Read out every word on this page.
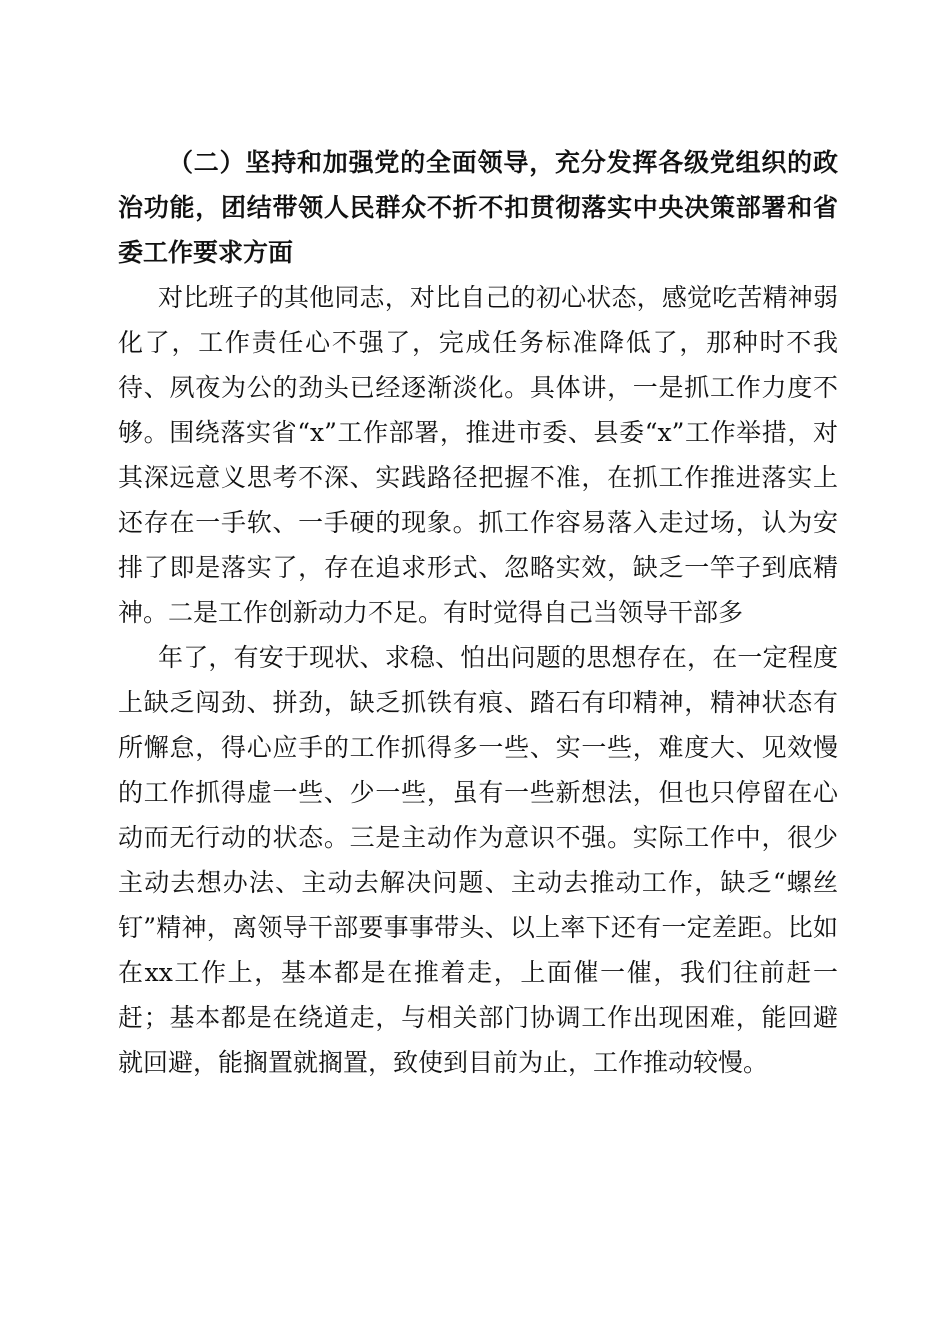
（二）坚持和加强党的全面领导，充分发挥各级党组织的政治功能，团结带领人民群众不折不扣贯彻落实中央决策部署和省委工作要求方面

对比班子的其他同志，对比自己的初心状态，感觉吃苦精神弱化了，工作责任心不强了，完成任务标准降低了，那种时不我待、夙夜为公的劲头已经逐渐淡化。具体讲，一是抓工作力度不够。围绕落实省“x”工作部署，推进市委、县委“x”工作举措，对其深远意义思考不深、实践路径把握不准，在抓工作推进落实上还存在一手软、一手硬的现象。抓工作容易落入走过场，认为安排了即是落实了，存在追求形式、忽略实效，缺乏一竿子到底精神。二是工作创新动力不足。有时觉得自己当领导干部多

年了，有安于现状、求稳、怕出问题的思想存在，在一定程度上缺乏闯劲、拼劲，缺乏抓铁有痕、踏石有印精神，精神状态有所懈怠，得心应手的工作抓得多一些、实一些，难度大、见效慢的工作抓得虚一些、少一些，虽有一些新想法，但也只停留在心动而无行动的状态。三是主动作为意识不强。实际工作中，很少主动去想办法、主动去解决问题、主动去推动工作，缺乏“螺丝钉”精神，离领导干部要事事带头、以上率下还有一定差距。比如在xx工作上，基本都是在推着走，上面催一催，我们往前赶一赶；基本都是在绕道走，与相关部门协调工作出现困难，能回避就回避，能搁置就搁置，致使到目前为止，工作推动较慢。
